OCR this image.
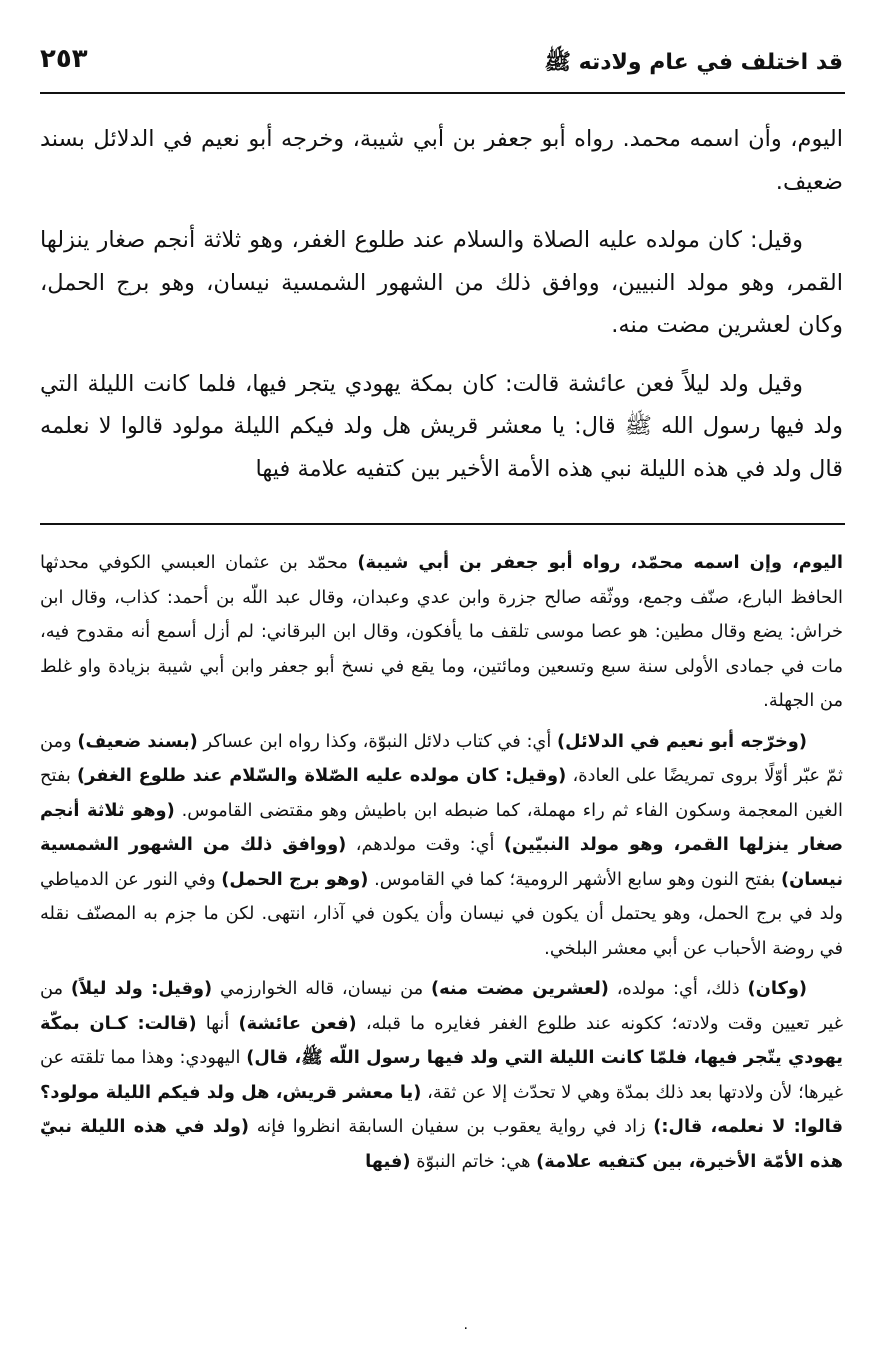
قد اختلف في عام ولادته ﷺ
٢٥٣

اليوم، وأن اسمه محمد. رواه أبو جعفر بن أبي شيبة، وخرجه أبو نعيم في الدلائل بسند ضعيف.

وقيل: كان مولده عليه الصلاة والسلام عند طلوع الغفر، وهو ثلاثة أنجم صغار ينزلها القمر، وهو مولد النبيين، ووافق ذلك من الشهور الشمسية نيسان، وهو برج الحمل، وكان لعشرين مضت منه.

وقيل ولد ليلاً فعن عائشة قالت: كان بمكة يهودي يتجر فيها، فلما كانت الليلة التي ولد فيها رسول الله ﷺ قال: يا معشر قريش هل ولد فيكم الليلة مولود قالوا لا نعلمه قال ولد في هذه الليلة نبي هذه الأمة الأخير بين كتفيه علامة فيها

اليوم، وإن اسمه محمّد، رواه أبو جعفر بن أبي شيبة) محمّد بن عثمان العبسي الكوفي محدثها الحافظ البارع، صنّف وجمع، ووثّقه صالح جزرة وابن عدي وعبدان، وقال عبد اللّه بن أحمد: كذاب، وقال ابن خراش: يضع وقال مطين: هو عصا موسى تلقف ما يأفكون، وقال ابن البرقاني: لم أزل أسمع أنه مقدوح فيه، مات في جمادى الأولى سنة سبع وتسعين ومائتين، وما يقع في نسخ أبو جعفر وابن أبي شيبة بزيادة واو غلط من الجهلة.

(وخرّجه أبو نعيم في الدلائل) أي: في كتاب دلائل النبوّة، وكذا رواه ابن عساكر (بسند ضعيف) ومن ثمّ عبّر أوّلًا بروى تمريضًا على العادة، (وقيل: كان مولده عليه الصّلاة والسّلام عند طلوع الغفر) بفتح الغين المعجمة وسكون الفاء ثم راء مهملة، كما ضبطه ابن باطيش وهو مقتضى القاموس. (وهو ثلاثة أنجم صغار ينزلها القمر، وهو مولد النبيّين) أي: وقت مولدهم، (ووافق ذلك من الشهور الشمسية نيسان) بفتح النون وهو سابع الأشهر الرومية؛ كما في القاموس. (وهو برج الحمل) وفي النور عن الدمياطي ولد في برج الحمل، وهو يحتمل أن يكون في نيسان وأن يكون في آذار، انتهى. لكن ما جزم به المصنّف نقله في روضة الأحباب عن أبي معشر البلخي.

(وكان) ذلك، أي: مولده، (لعشرين مضت منه) من نيسان، قاله الخوارزمي (وقيل: ولد ليلاً) من غير تعيين وقت ولادته؛ ككونه عند طلوع الغفر فغايره ما قبله، (فعن عائشة) أنها (قالت: كـان بمكّة يهودي يتّجر فيها، فلمّا كانت الليلة التي ولد فيها رسول اللّه ﷺ، قال) اليهودي: وهذا مما تلقته عن غيرها؛ لأن ولادتها بعد ذلك بمدّة وهي لا تحدّث إلا عن ثقة، (يا معشر قريش، هل ولد فيكم الليلة مولود؟ قالوا: لا نعلمه، قال:) زاد في رواية يعقوب بن سفيان السابقة انظروا فإنه (ولد في هذه الليلة نبيّ هذه الأمّة الأخيرة، بين كتفيه علامة) هي: خاتم النبوّة (فيها

٠
